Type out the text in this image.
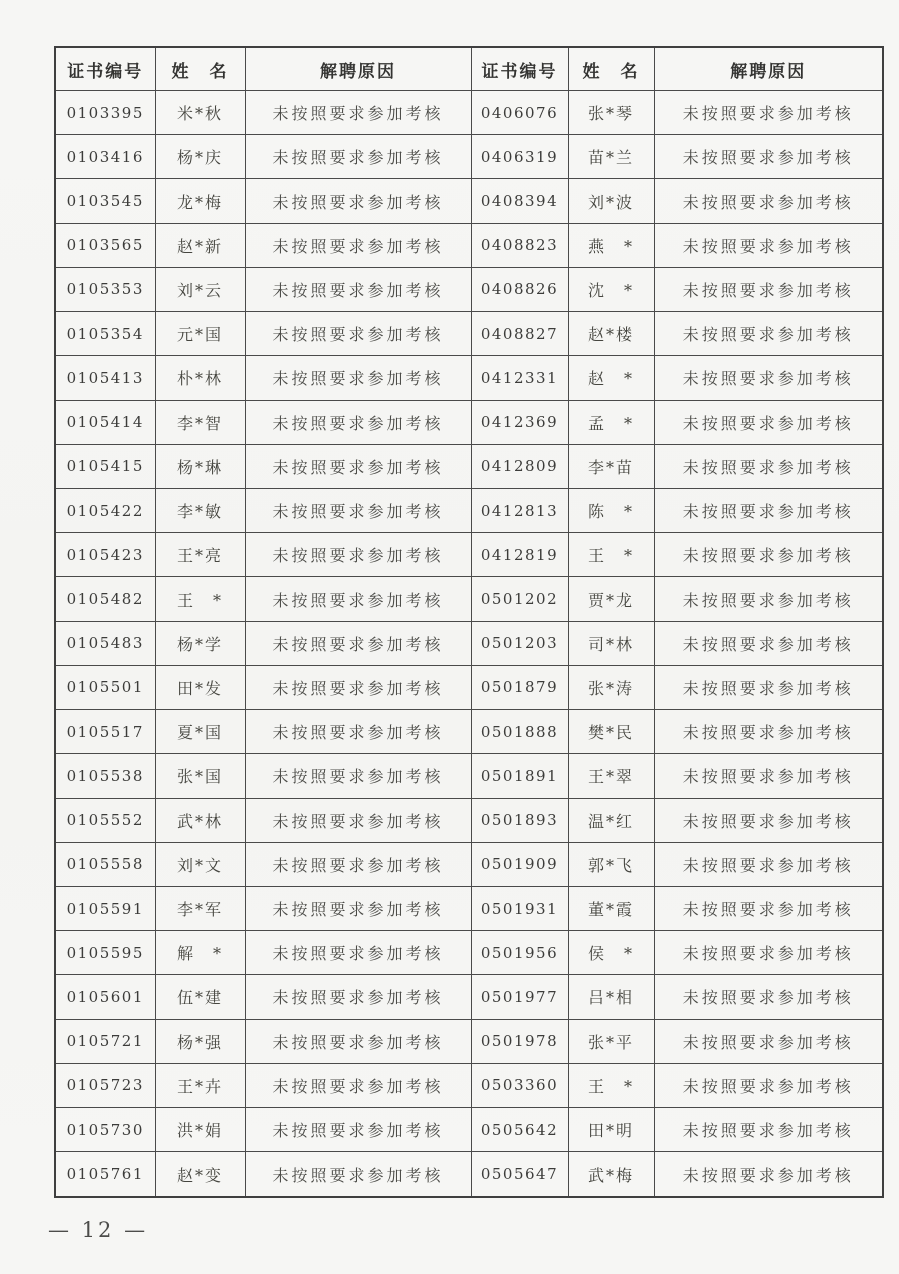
证书编号	姓　名	解聘原因	证书编号	姓　名	解聘原因
0103395	米*秋	未按照要求参加考核	0406076	张*琴	未按照要求参加考核
0103416	杨*庆	未按照要求参加考核	0406319	苗*兰	未按照要求参加考核
0103545	龙*梅	未按照要求参加考核	0408394	刘*波	未按照要求参加考核
0103565	赵*新	未按照要求参加考核	0408823	燕　*	未按照要求参加考核
0105353	刘*云	未按照要求参加考核	0408826	沈　*	未按照要求参加考核
0105354	元*国	未按照要求参加考核	0408827	赵*楼	未按照要求参加考核
0105413	朴*林	未按照要求参加考核	0412331	赵　*	未按照要求参加考核
0105414	李*智	未按照要求参加考核	0412369	孟　*	未按照要求参加考核
0105415	杨*琳	未按照要求参加考核	0412809	李*苗	未按照要求参加考核
0105422	李*敏	未按照要求参加考核	0412813	陈　*	未按照要求参加考核
0105423	王*亮	未按照要求参加考核	0412819	王　*	未按照要求参加考核
0105482	王　*	未按照要求参加考核	0501202	贾*龙	未按照要求参加考核
0105483	杨*学	未按照要求参加考核	0501203	司*林	未按照要求参加考核
0105501	田*发	未按照要求参加考核	0501879	张*涛	未按照要求参加考核
0105517	夏*国	未按照要求参加考核	0501888	樊*民	未按照要求参加考核
0105538	张*国	未按照要求参加考核	0501891	王*翠	未按照要求参加考核
0105552	武*林	未按照要求参加考核	0501893	温*红	未按照要求参加考核
0105558	刘*文	未按照要求参加考核	0501909	郭*飞	未按照要求参加考核
0105591	李*军	未按照要求参加考核	0501931	董*霞	未按照要求参加考核
0105595	解　*	未按照要求参加考核	0501956	侯　*	未按照要求参加考核
0105601	伍*建	未按照要求参加考核	0501977	吕*相	未按照要求参加考核
0105721	杨*强	未按照要求参加考核	0501978	张*平	未按照要求参加考核
0105723	王*卉	未按照要求参加考核	0503360	王　*	未按照要求参加考核
0105730	洪*娟	未按照要求参加考核	0505642	田*明	未按照要求参加考核
0105761	赵*变	未按照要求参加考核	0505647	武*梅	未按照要求参加考核
— 12 —
